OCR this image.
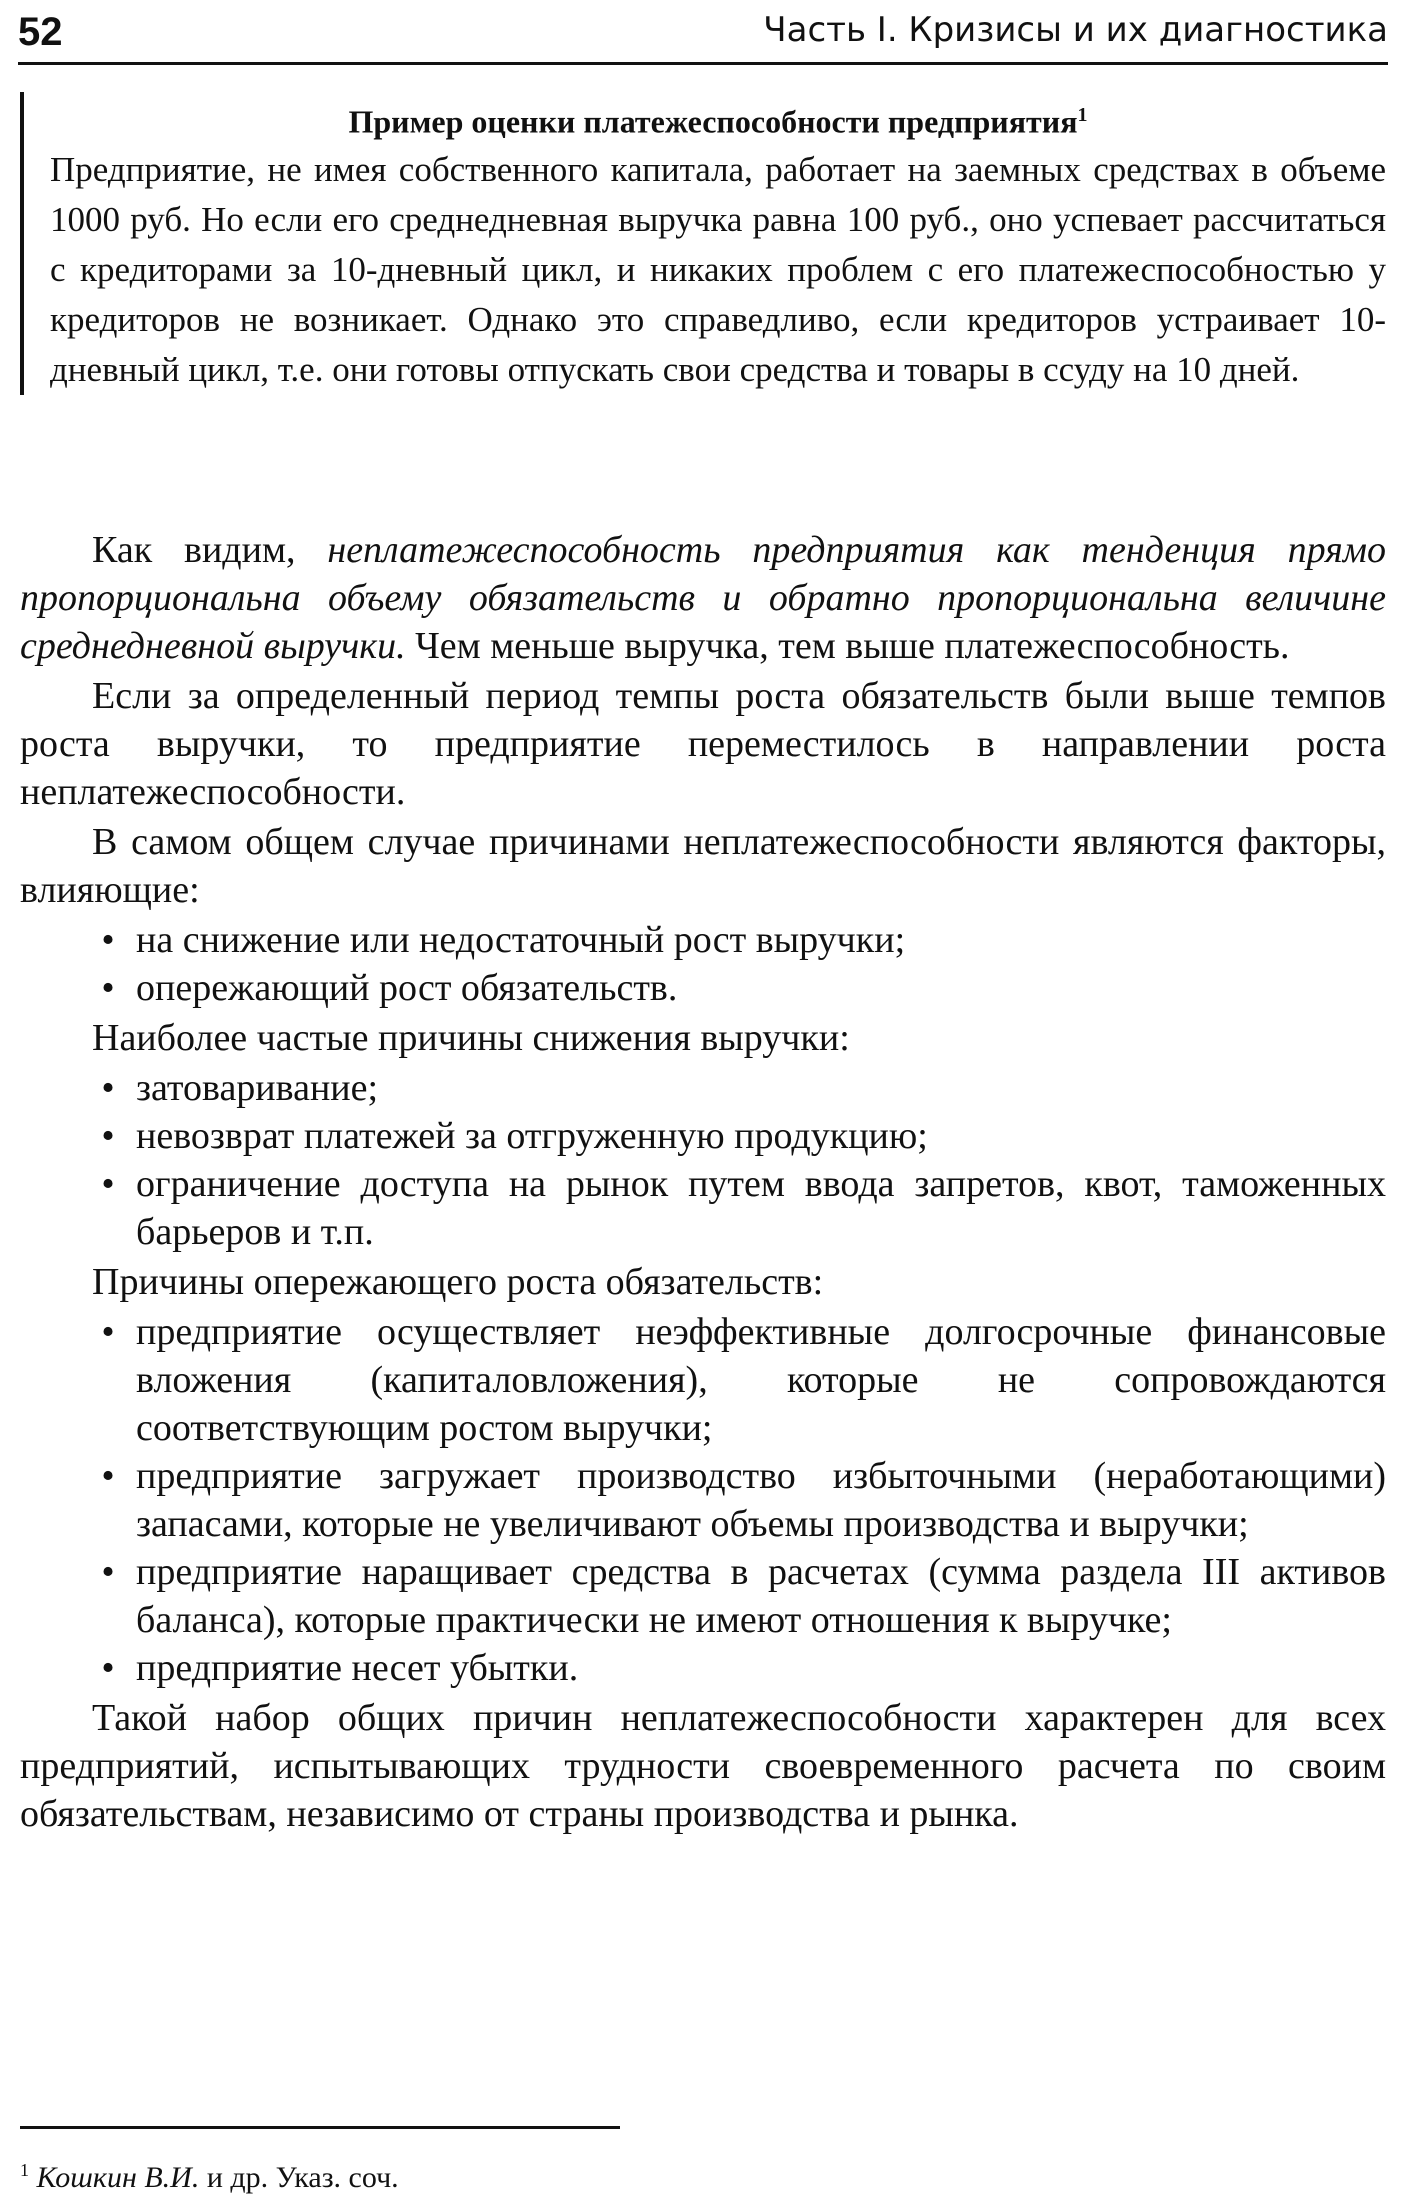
52	Часть I. Кризисы и их диагностика
Пример оценки платежеспособности предприятия$^1$
Предприятие, не имея собственного капитала, работает на заемных средствах в объеме 1000 руб. Но если его среднедневная выручка равна 100 руб., оно успевает рассчитаться с кредиторами за 10-дневный цикл, и никаких проблем с его платежеспособностью у кредиторов не возникает. Однако это справедливо, если кредиторов устраивает 10-дневный цикл, т.е. они готовы отпускать свои средства и товары в ссуду на 10 дней.

Как видим, неплатежеспособность предприятия как тенденция прямо пропорциональна объему обязательств и обратно пропорциональна величине среднедневной выручки. Чем меньше выручка, тем выше платежеспособность.

Если за определенный период темпы роста обязательств были выше темпов роста выручки, то предприятие переместилось в направлении роста неплатежеспособности.

В самом общем случае причинами неплатежеспособности являются факторы, влияющие:

• на снижение или недостаточный рост выручки;
• опережающий рост обязательств.

Наиболее частые причины снижения выручки:

• затоваривание;
• невозврат платежей за отгруженную продукцию;
• ограничение доступа на рынок путем ввода запретов, квот, таможенных барьеров и т.п.

Причины опережающего роста обязательств:

• предприятие осуществляет неэффективные долгосрочные финансовые вложения (капиталовложения), которые не сопровождаются соответствующим ростом выручки;
• предприятие загружает производство избыточными (неработающими) запасами, которые не увеличивают объемы производства и выручки;
• предприятие наращивает средства в расчетах (сумма раздела III активов баланса), которые практически не имеют отношения к выручке;
• предприятие несет убытки.

Такой набор общих причин неплатежеспособности характерен для всех предприятий, испытывающих трудности своевременного расчета по своим обязательствам, независимо от страны производства и рынка.

$^1$ Кошкин В.И. и др. Указ. соч.
